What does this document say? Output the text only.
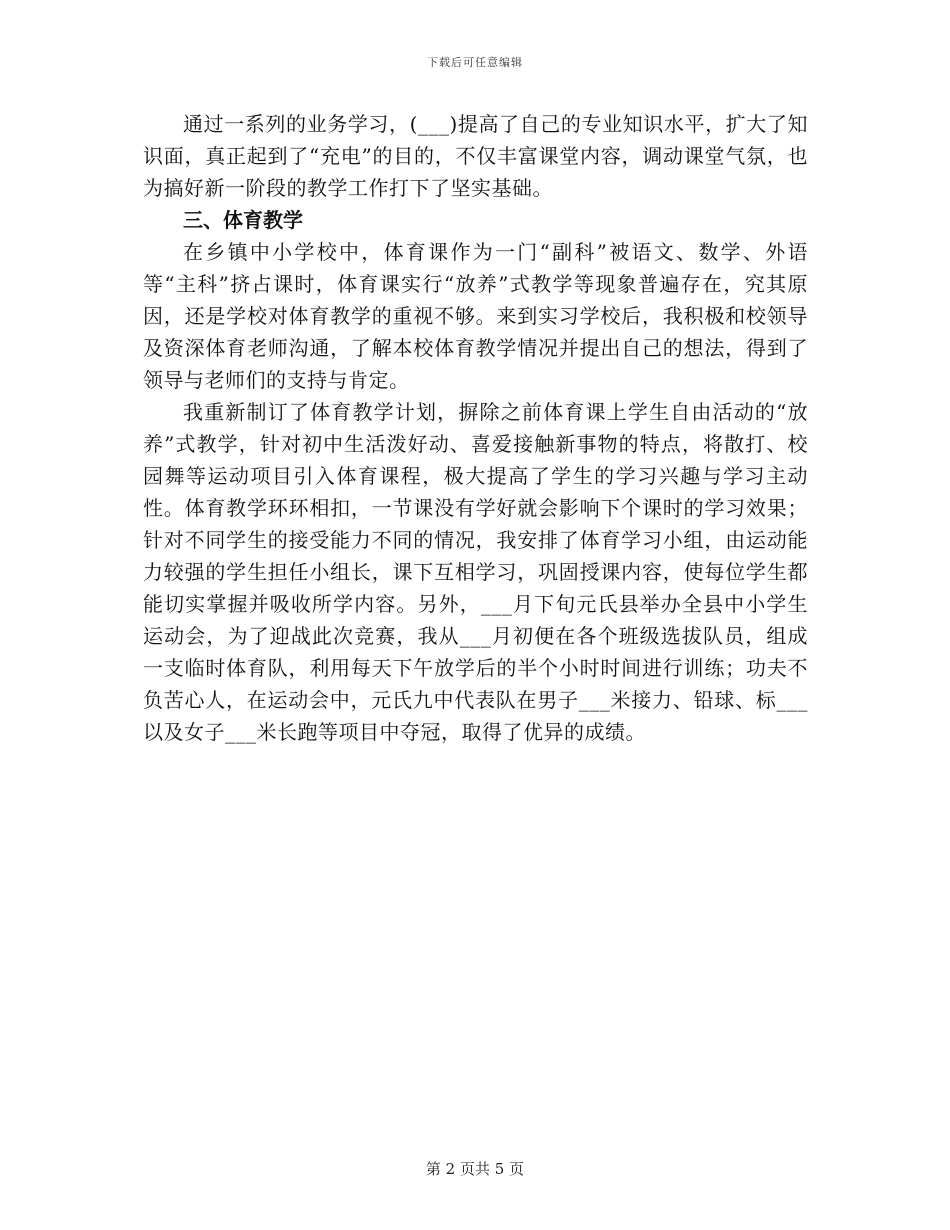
下载后可任意编辑

通过一系列的业务学习，(___)提高了自己的专业知识水平，扩大了知识面，真正起到了“充电”的目的，不仅丰富课堂内容，调动课堂气氛，也为搞好新一阶段的教学工作打下了坚实基础。

三、体育教学

在乡镇中小学校中，体育课作为一门“副科”被语文、数学、外语等“主科”挤占课时，体育课实行“放养”式教学等现象普遍存在，究其原因，还是学校对体育教学的重视不够。来到实习学校后，我积极和校领导及资深体育老师沟通，了解本校体育教学情况并提出自己的想法，得到了领导与老师们的支持与肯定。

我重新制订了体育教学计划，摒除之前体育课上学生自由活动的“放养”式教学，针对初中生活泼好动、喜爱接触新事物的特点，将散打、校园舞等运动项目引入体育课程，极大提高了学生的学习兴趣与学习主动性。体育教学环环相扣，一节课没有学好就会影响下个课时的学习效果；针对不同学生的接受能力不同的情况，我安排了体育学习小组，由运动能力较强的学生担任小组长，课下互相学习，巩固授课内容，使每位学生都能切实掌握并吸收所学内容。另外，___月下旬元氏县举办全县中小学生运动会，为了迎战此次竞赛，我从___月初便在各个班级选拔队员，组成一支临时体育队，利用每天下午放学后的半个小时时间进行训练；功夫不负苦心人，在运动会中，元氏九中代表队在男子___米接力、铅球、标___以及女子___米长跑等项目中夺冠，取得了优异的成绩。

第 2 页共 5 页
